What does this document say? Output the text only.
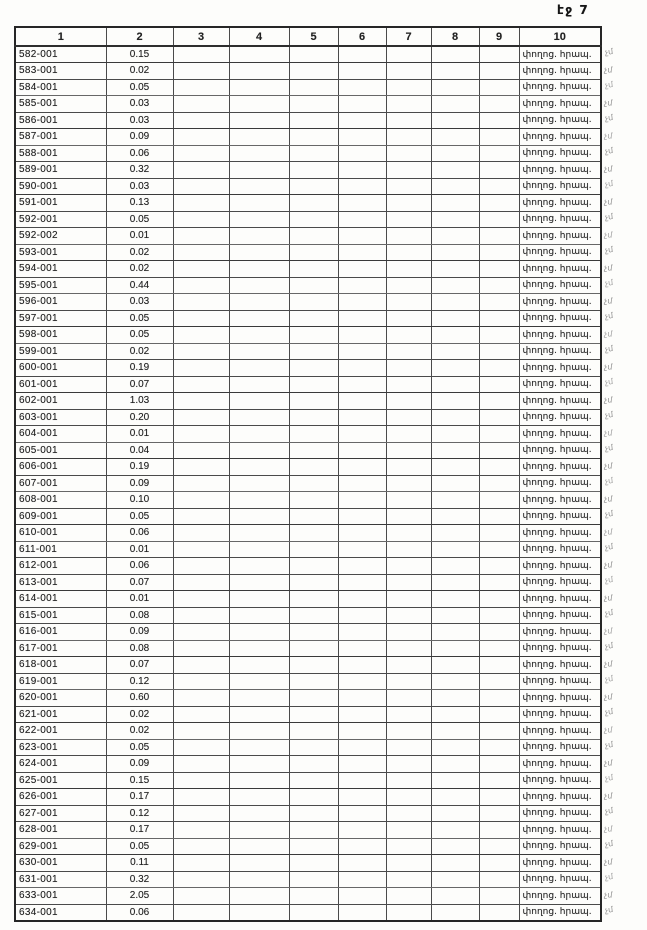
էջ 7
1	2	3	4	5	6	7	8	9	10
582-001	0.15								փողոց. հրապ.
583-001	0.02								փողոց. հրապ.
584-001	0.05								փողոց. հրապ.
585-001	0.03								փողոց. հրապ.
586-001	0.03								փողոց. հրապ.
587-001	0.09								փողոց. հրապ.
588-001	0.06								փողոց. հրապ.
589-001	0.32								փողոց. հրապ.
590-001	0.03								փողոց. հրապ.
591-001	0.13								փողոց. հրապ.
592-001	0.05								փողոց. հրապ.
592-002	0.01								փողոց. հրապ.
593-001	0.02								փողոց. հրապ.
594-001	0.02								փողոց. հրապ.
595-001	0.44								փողոց. հրապ.
596-001	0.03								փողոց. հրապ.
597-001	0.05								փողոց. հրապ.
598-001	0.05								փողոց. հրապ.
599-001	0.02								փողոց. հրապ.
600-001	0.19								փողոց. հրապ.
601-001	0.07								փողոց. հրապ.
602-001	1.03								փողոց. հրապ.
603-001	0.20								փողոց. հրապ.
604-001	0.01								փողոց. հրապ.
605-001	0.04								փողոց. հրապ.
606-001	0.19								փողոց. հրապ.
607-001	0.09								փողոց. հրապ.
608-001	0.10								փողոց. հրապ.
609-001	0.05								փողոց. հրապ.
610-001	0.06								փողոց. հրապ.
611-001	0.01								փողոց. հրապ.
612-001	0.06								փողոց. հրապ.
613-001	0.07								փողոց. հրապ.
614-001	0.01								փողոց. հրապ.
615-001	0.08								փողոց. հրապ.
616-001	0.09								փողոց. հրապ.
617-001	0.08								փողոց. հրապ.
618-001	0.07								փողոց. հրապ.
619-001	0.12								փողոց. հրապ.
620-001	0.60								փողոց. հրապ.
621-001	0.02								փողոց. հրապ.
622-001	0.02								փողոց. հրապ.
623-001	0.05								փողոց. հրապ.
624-001	0.09								փողոց. հրապ.
625-001	0.15								փողոց. հրապ.
626-001	0.17								փողոց. հրապ.
627-001	0.12								փողոց. հրապ.
628-001	0.17								փողոց. հրապ.
629-001	0.05								փողոց. հրապ.
630-001	0.11								փողոց. հրապ.
631-001	0.32								փողոց. հրապ.
633-001	2.05								փողոց. հրապ.
634-001	0.06								փողոց. հրապ.
չմ
չմ
չմ
չմ
չմ
չմ
չմ
չմ
չմ
չմ
չմ
չմ
չմ
չմ
չմ
չմ
չմ
չմ
չմ
չմ
չմ
չմ
չմ
չմ
չմ
չմ
չմ
չմ
չմ
չմ
չմ
չմ
չմ
չմ
չմ
չմ
չմ
չմ
չմ
չմ
չմ
չմ
չմ
չմ
չմ
չմ
չմ
չմ
չմ
չմ
չմ
չմ
չմ
